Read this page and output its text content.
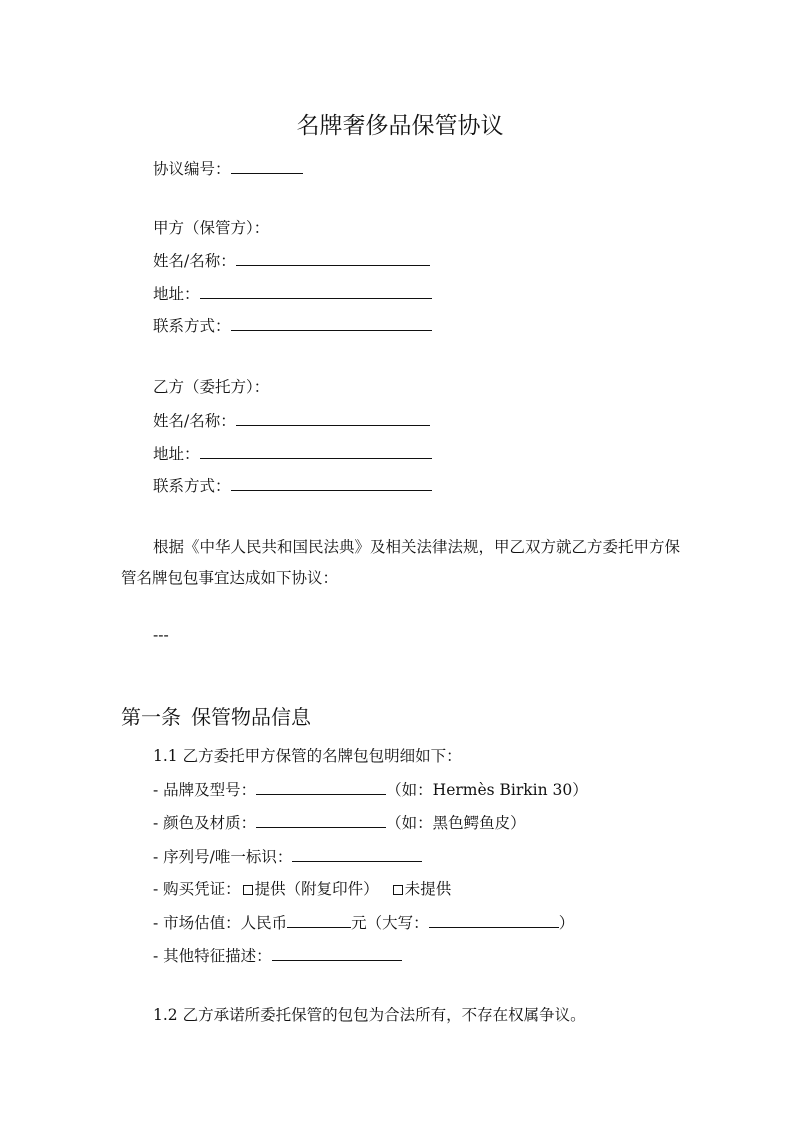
名牌奢侈品保管协议
协议编号：
甲方（保管方）：
姓名/名称：
地址：
联系方式：
乙方（委托方）：
姓名/名称：
地址：
联系方式：
根据《中华人民共和国民法典》及相关法律法规，甲乙双方就乙方委托甲方保管名牌包包事宜达成如下协议：
---
第一条 保管物品信息
1.1 乙方委托甲方保管的名牌包包明细如下：
- 品牌及型号：	（如：Hermès Birkin 30）
- 颜色及材质：	（如：黑色鳄鱼皮）
- 序列号/唯一标识：
- 购买凭证： 提供（附复印件） 未提供
- 市场估值：人民币	元（大写：	）
- 其他特征描述：
1.2 乙方承诺所委托保管的包包为合法所有，不存在权属争议。
